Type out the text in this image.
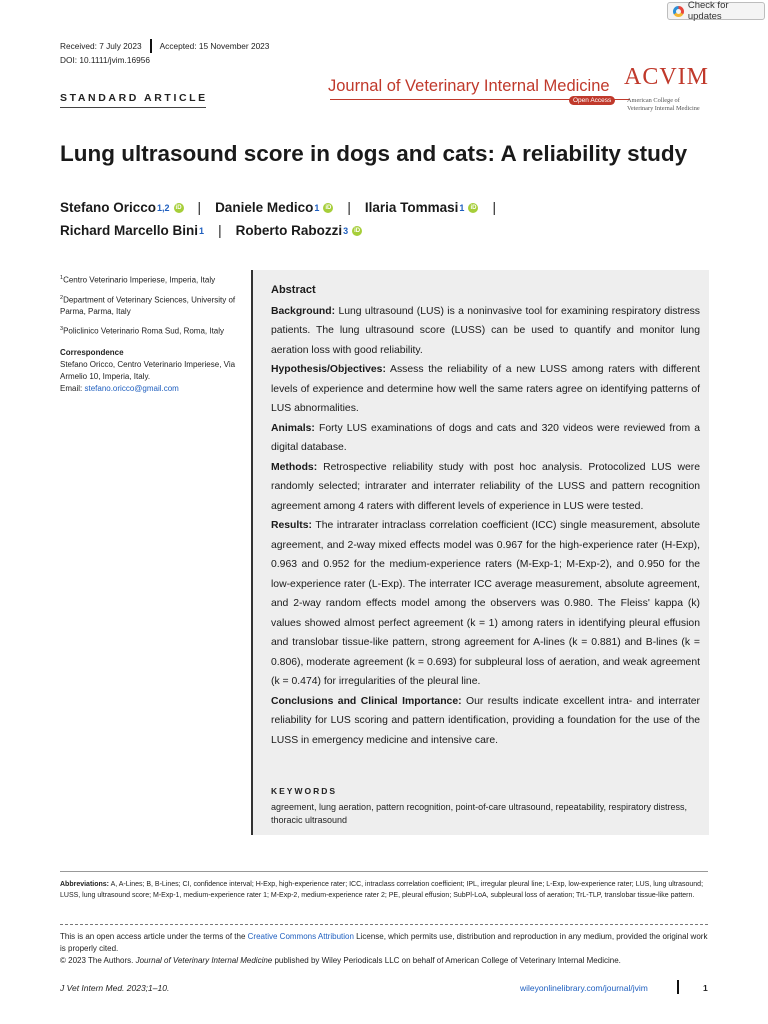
Check for updates
Received: 7 July 2023 Accepted: 15 November 2023
DOI: 10.1111/jvim.16956
STANDARD ARTICLE
Journal of Veterinary Internal Medicine
Open Access
ACVIM
American College of
Veterinary Internal Medicine
Lung ultrasound score in dogs and cats: A reliability study
Stefano Oricco 1,2	iD | Daniele Medico 1	iD | Ilaria Tommasi 1	iD |
Richard Marcello Bini 1 | Roberto Rabozzi 3	iD
$^1$Centro Veterinario Imperiese, Imperia, Italy
$^2$Department of Veterinary Sciences, University of Parma, Parma, Italy
$^3$Policlinico Veterinario Roma Sud, Roma, Italy
Correspondence
Stefano Oricco, Centro Veterinario Imperiese, Via Armelio 10, Imperia, Italy.
Email: stefano.oricco@gmail.com
Abstract

Background: Lung ultrasound (LUS) is a noninvasive tool for examining respiratory distress patients. The lung ultrasound score (LUSS) can be used to quantify and monitor lung aeration loss with good reliability.

Hypothesis/Objectives: Assess the reliability of a new LUSS among raters with different levels of experience and determine how well the same raters agree on identifying patterns of LUS abnormalities.

Animals: Forty LUS examinations of dogs and cats and 320 videos were reviewed from a digital database.

Methods: Retrospective reliability study with post hoc analysis. Protocolized LUS were randomly selected; intrarater and interrater reliability of the LUSS and pattern recognition agreement among 4 raters with different levels of experience in LUS were tested.

Results: The intrarater intraclass correlation coefficient (ICC) single measurement, absolute agreement, and 2-way mixed effects model was 0.967 for the high-experience rater (H-Exp), 0.963 and 0.952 for the medium-experience raters (M-Exp-1; M-Exp-2), and 0.950 for the low-experience rater (L-Exp). The interrater ICC average measurement, absolute agreement, and 2-way random effects model among the observers was 0.980. The Fleiss' kappa (k) values showed almost perfect agreement (k = 1) among raters in identifying pleural effusion and translobar tissue-like pattern, strong agreement for A-lines (k = 0.881) and B-lines (k = 0.806), moderate agreement (k = 0.693) for subpleural loss of aeration, and weak agreement (k = 0.474) for irregularities of the pleural line.

Conclusions and Clinical Importance: Our results indicate excellent intra- and interrater reliability for LUS scoring and pattern identification, providing a foundation for the use of the LUSS in emergency medicine and intensive care.

KEYWORDS
agreement, lung aeration, pattern recognition, point-of-care ultrasound, repeatability, respiratory distress, thoracic ultrasound
Abbreviations: A, A-Lines; B, B-Lines; CI, confidence interval; H-Exp, high-experience rater; ICC, intraclass correlation coefficient; IPL, irregular pleural line; L-Exp, low-experience rater; LUS, lung ultrasound; LUSS, lung ultrasound score; M-Exp-1, medium-experience rater 1; M-Exp-2, medium-experience rater 2; PE, pleural effusion; SubPl-LoA, subpleural loss of aeration; TrL-TLP, translobar tissue-like pattern.
This is an open access article under the terms of the Creative Commons Attribution License, which permits use, distribution and reproduction in any medium, provided the original work is properly cited.
© 2023 The Authors. Journal of Veterinary Internal Medicine published by Wiley Periodicals LLC on behalf of American College of Veterinary Internal Medicine.
J Vet Intern Med. 2023;1–10.	wileyonlinelibrary.com/journal/jvim	1
